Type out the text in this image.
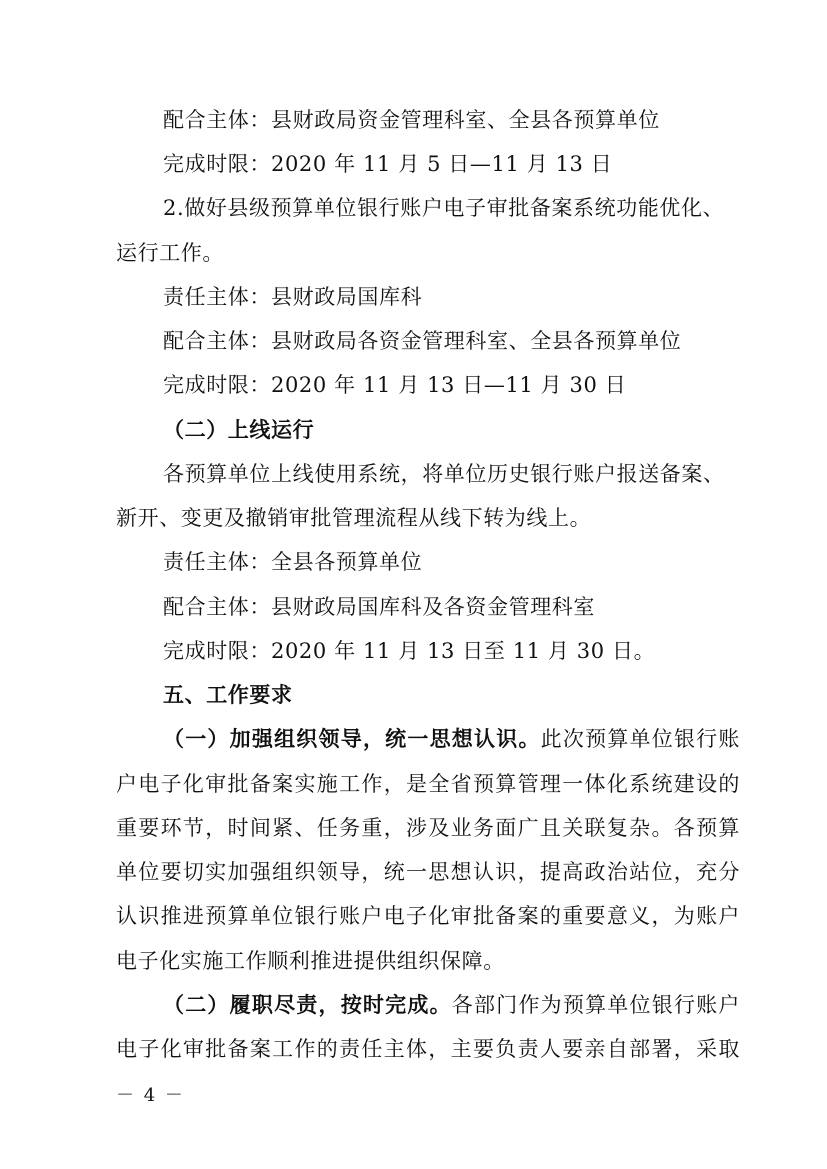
配合主体：县财政局资金管理科室、全县各预算单位
完成时限：2020 年 11 月 5 日—11 月 13 日
2.做好县级预算单位银行账户电子审批备案系统功能优化、
运行工作。
责任主体：县财政局国库科
配合主体：县财政局各资金管理科室、全县各预算单位
完成时限：2020 年 11 月 13 日—11 月 30 日
（二）上线运行
各预算单位上线使用系统，将单位历史银行账户报送备案、
新开、变更及撤销审批管理流程从线下转为线上。
责任主体：全县各预算单位
配合主体：县财政局国库科及各资金管理科室
完成时限：2020 年 11 月 13 日至 11 月 30 日。
五、工作要求
（一）加强组织领导，统一思想认识。此次预算单位银行账
户电子化审批备案实施工作，是全省预算管理一体化系统建设的
重要环节，时间紧、任务重，涉及业务面广且关联复杂。各预算
单位要切实加强组织领导，统一思想认识，提高政治站位，充分
认识推进预算单位银行账户电子化审批备案的重要意义，为账户
电子化实施工作顺利推进提供组织保障。
（二）履职尽责，按时完成。各部门作为预算单位银行账户
电子化审批备案工作的责任主体，主要负责人要亲自部署，采取
－ 4 －
